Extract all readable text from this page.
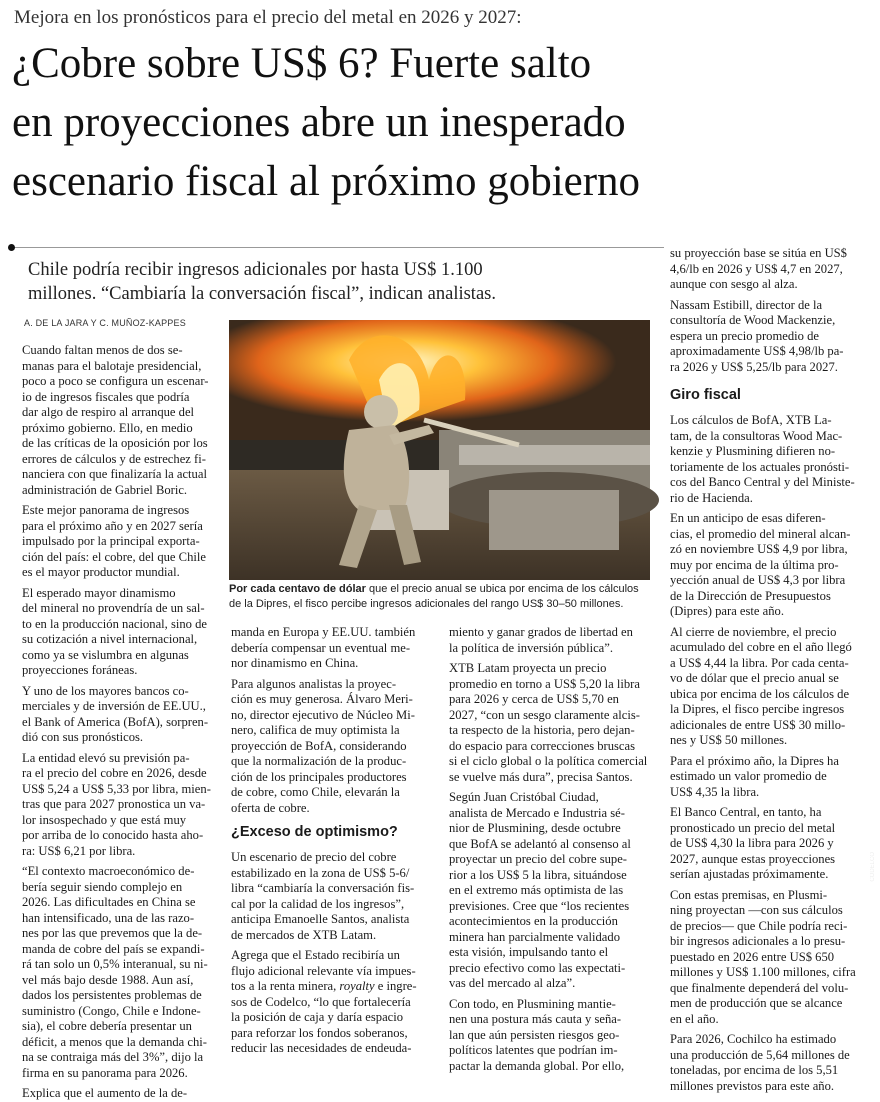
Mejora en los pronósticos para el precio del metal en 2026 y 2027:
¿Cobre sobre US$ 6? Fuerte salto
en proyecciones abre un inesperado
escenario fiscal al próximo gobierno
Chile podría recibir ingresos adicionales por hasta US$ 1.100
millones. “Cambiaría la conversación fiscal”, indican analistas.
A. DE LA JARA Y C. MUÑOZ-KAPPES
CODELCO
Por cada centavo de dólar que el precio anual se ubica por encima de los cálculos
de la Dipres, el fisco percibe ingresos adicionales del rango US$ 30–50 millones.
Cuando faltan menos de dos se-
manas para el balotaje presidencial,
poco a poco se configura un escenar-
io de ingresos fiscales que podría
dar algo de respiro al arranque del
próximo gobierno. Ello, en medio
de las críticas de la oposición por los
errores de cálculos y de estrechez fi-
nanciera con que finalizaría la actual
administración de Gabriel Boric.
Este mejor panorama de ingresos
para el próximo año y en 2027 sería
impulsado por la principal exporta-
ción del país: el cobre, del que Chile
es el mayor productor mundial.
El esperado mayor dinamismo
del mineral no provendría de un sal-
to en la producción nacional, sino de
su cotización a nivel internacional,
como ya se vislumbra en algunas
proyecciones foráneas.
Y uno de los mayores bancos co-
merciales y de inversión de EE.UU.,
el Bank of America (BofA), sorpren-
dió con sus pronósticos.
La entidad elevó su previsión pa-
ra el precio del cobre en 2026, desde
US$ 5,24 a US$ 5,33 por libra, mien-
tras que para 2027 pronostica un va-
lor insospechado y que está muy
por arriba de lo conocido hasta aho-
ra: US$ 6,21 por libra.
“El contexto macroeconómico de-
bería seguir siendo complejo en
2026. Las dificultades en China se
han intensificado, una de las razo-
nes por las que prevemos que la de-
manda de cobre del país se expandi-
rá tan solo un 0,5% interanual, su ni-
vel más bajo desde 1988. Aun así,
dados los persistentes problemas de
suministro (Congo, Chile e Indone-
sia), el cobre debería presentar un
déficit, a menos que la demanda chi-
na se contraiga más del 3%”, dijo la
firma en su panorama para 2026.
Explica que el aumento de la de-
manda en Europa y EE.UU. también
debería compensar un eventual me-
nor dinamismo en China.
Para algunos analistas la proyec-
ción es muy generosa. Álvaro Meri-
no, director ejecutivo de Núcleo Mi-
nero, califica de muy optimista la
proyección de BofA, considerando
que la normalización de la produc-
ción de los principales productores
de cobre, como Chile, elevarán la
oferta de cobre.
¿Exceso de optimismo?
Un escenario de precio del cobre
estabilizado en la zona de US$ 5-6/
libra “cambiaría la conversación fis-
cal por la calidad de los ingresos”,
anticipa Emanoelle Santos, analista
de mercados de XTB Latam.
Agrega que el Estado recibiría un
flujo adicional relevante vía impues-
tos a la renta minera, royalty e ingre-
sos de Codelco, “lo que fortalecería
la posición de caja y daría espacio
para reforzar los fondos soberanos,
reducir las necesidades de endeuda-
miento y ganar grados de libertad en
la política de inversión pública”.
XTB Latam proyecta un precio
promedio en torno a US$ 5,20 la libra
para 2026 y cerca de US$ 5,70 en
2027, “con un sesgo claramente alcis-
ta respecto de la historia, pero dejan-
do espacio para correcciones bruscas
si el ciclo global o la política comercial
se vuelve más dura”, precisa Santos.
Según Juan Cristóbal Ciudad,
analista de Mercado e Industria sé-
nior de Plusmining, desde octubre
que BofA se adelantó al consenso al
proyectar un precio del cobre supe-
rior a los US$ 5 la libra, situándose
en el extremo más optimista de las
previsiones. Cree que “los recientes
acontecimientos en la producción
minera han parcialmente validado
esta visión, impulsando tanto el
precio efectivo como las expectati-
vas del mercado al alza”.
Con todo, en Plusmining mantie-
nen una postura más cauta y seña-
lan que aún persisten riesgos geo-
políticos latentes que podrían im-
pactar la demanda global. Por ello,
su proyección base se sitúa en US$
4,6/lb en 2026 y US$ 4,7 en 2027,
aunque con sesgo al alza.
Nassam Estibill, director de la
consultoría de Wood Mackenzie,
espera un precio promedio de
aproximadamente US$ 4,98/lb pa-
ra 2026 y US$ 5,25/lb para 2027.
Giro fiscal
Los cálculos de BofA, XTB La-
tam, de la consultoras Wood Mac-
kenzie y Plusmining difieren no-
toriamente de los actuales pronósti-
cos del Banco Central y del Ministe-
rio de Hacienda.
En un anticipo de esas diferen-
cias, el promedio del mineral alcan-
zó en noviembre US$ 4,9 por libra,
muy por encima de la última pro-
yección anual de US$ 4,3 por libra
de la Dirección de Presupuestos
(Dipres) para este año.
Al cierre de noviembre, el precio
acumulado del cobre en el año llegó
a US$ 4,44 la libra. Por cada centa-
vo de dólar que el precio anual se
ubica por encima de los cálculos de
la Dipres, el fisco percibe ingresos
adicionales de entre US$ 30 millo-
nes y US$ 50 millones.
Para el próximo año, la Dipres ha
estimado un valor promedio de
US$ 4,35 la libra.
El Banco Central, en tanto, ha
pronosticado un precio del metal
de US$ 4,30 la libra para 2026 y
2027, aunque estas proyecciones
serían ajustadas próximamente.
Con estas premisas, en Plusmi-
ning proyectan —con sus cálculos
de precios— que Chile podría reci-
bir ingresos adicionales a lo presu-
puestado en 2026 entre US$ 650
millones y US$ 1.100 millones, cifra
que finalmente dependerá del volu-
men de producción que se alcance
en el año.
Para 2026, Cochilco ha estimado
una producción de 5,64 millones de
toneladas, por encima de los 5,51
millones previstos para este año.
